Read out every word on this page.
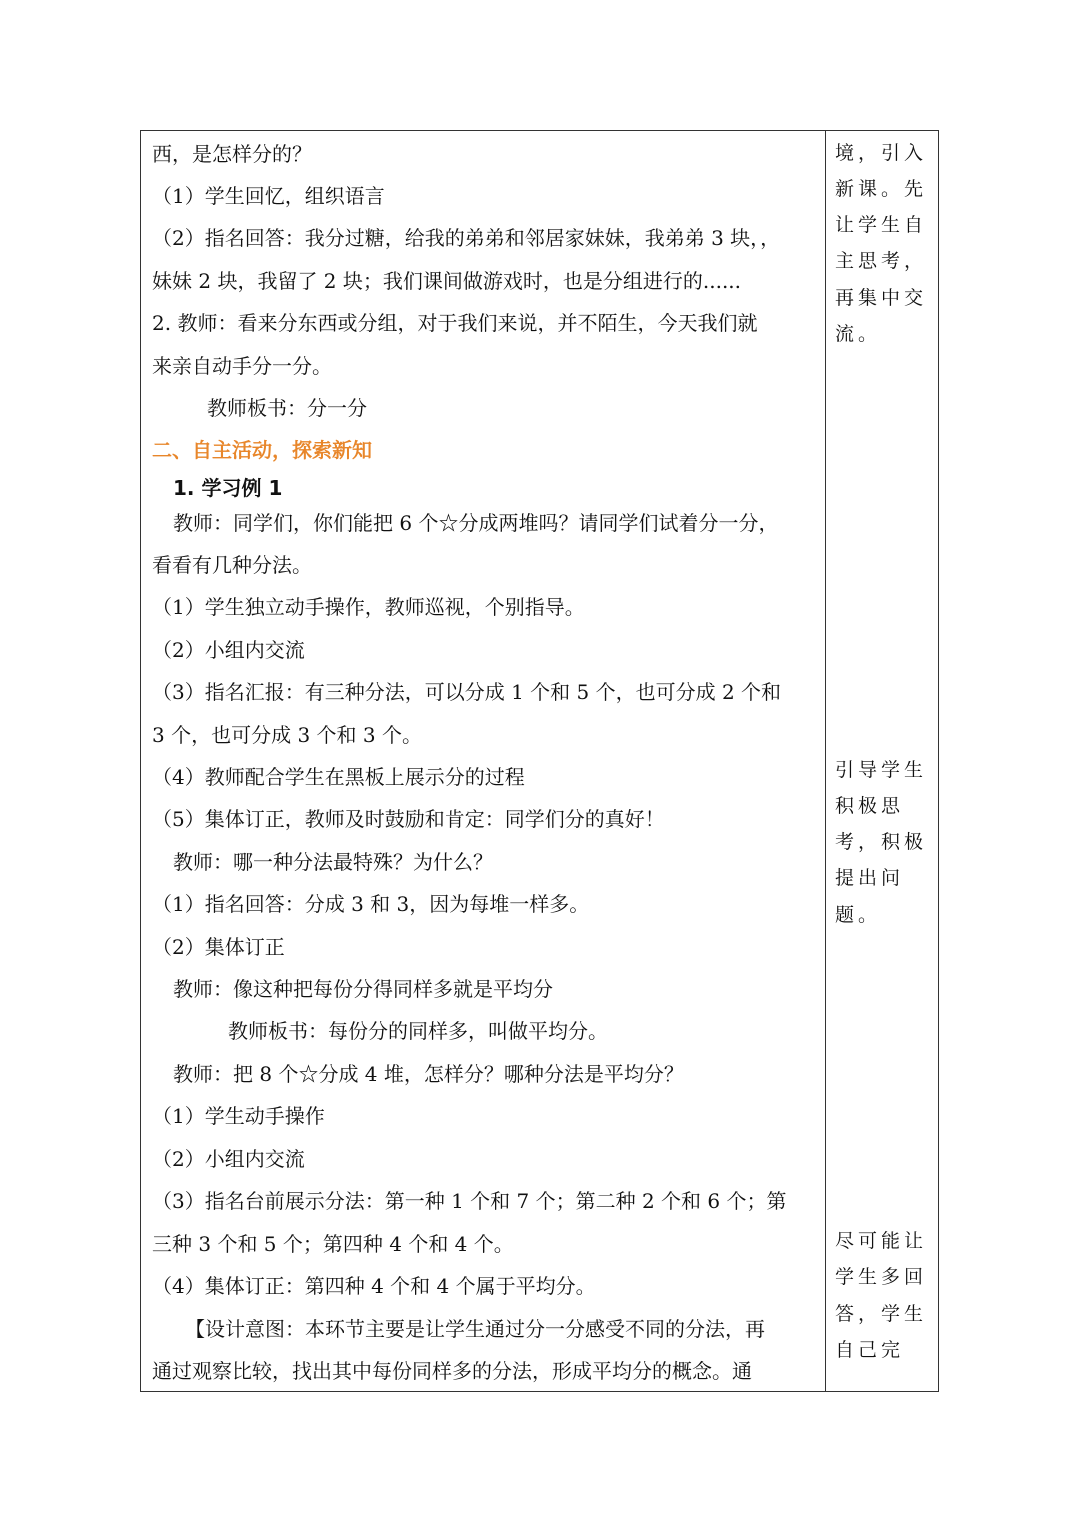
西，是怎样分的？
（1）学生回忆，组织语言
（2）指名回答：我分过糖，给我的弟弟和邻居家妹妹，我弟弟 3 块，，
妹妹 2 块，我留了 2 块；我们课间做游戏时，也是分组进行的......
2. 教师：看来分东西或分组，对于我们来说，并不陌生，今天我们就
来亲自动手分一分。
教师板书：分一分
二、自主活动，探索新知
1. 学习例 1
教师：同学们，你们能把 6 个☆分成两堆吗？请同学们试着分一分，
看看有几种分法。
（1）学生独立动手操作，教师巡视，个别指导。
（2）小组内交流
（3）指名汇报：有三种分法，可以分成 1 个和 5 个，也可分成 2 个和
3 个，也可分成 3 个和 3 个。
（4）教师配合学生在黑板上展示分的过程
（5）集体订正，教师及时鼓励和肯定：同学们分的真好！
教师：哪一种分法最特殊？为什么？
（1）指名回答：分成 3 和 3，因为每堆一样多。
（2）集体订正
教师：像这种把每份分得同样多就是平均分
教师板书：每份分的同样多，叫做平均分。
教师：把 8 个☆分成 4 堆，怎样分？哪种分法是平均分？
（1）学生动手操作
（2）小组内交流
（3）指名台前展示分法：第一种 1 个和 7 个；第二种 2 个和 6 个；第
三种 3 个和 5 个；第四种 4 个和 4 个。
（4）集体订正：第四种 4 个和 4 个属于平均分。
【设计意图：本环节主要是让学生通过分一分感受不同的分法，再
通过观察比较，找出其中每份同样多的分法，形成平均分的概念。通
境，引入
新课。先
让学生自
主思考，
再集中交
流。
引导学生
积极思
考，积极
提出问
题。
尽可能让
学生多回
答，学生
自己完
